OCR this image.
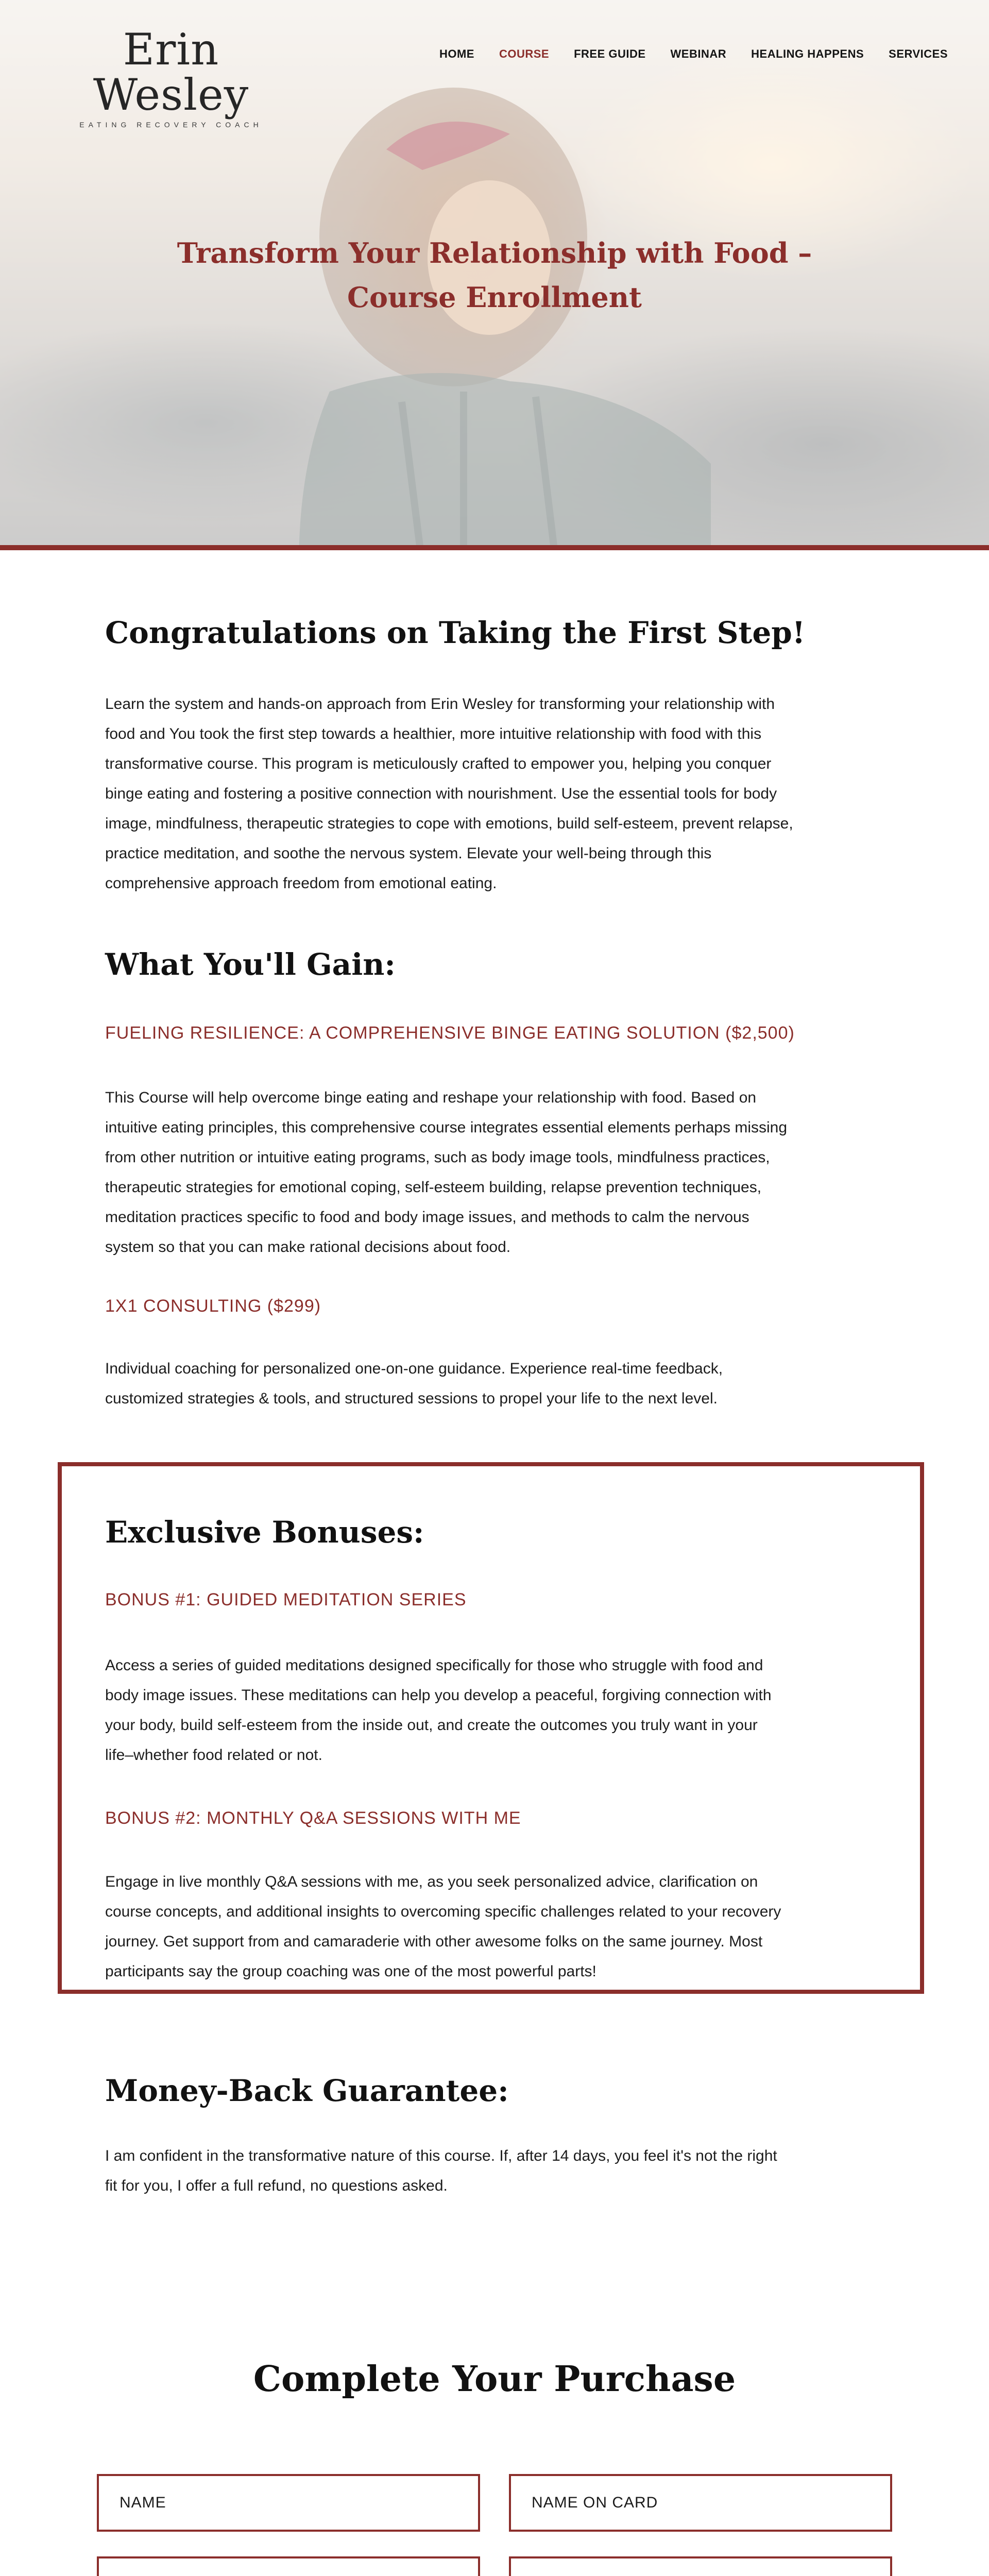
Erin Wesley
EATING RECOVERY COACH
HOME COURSE FREE GUIDE WEBINAR HEALING HAPPENS SERVICES
Transform Your Relationship with Food –
Course Enrollment
Congratulations on Taking the First Step!

Learn the system and hands-on approach from Erin Wesley for transforming your relationship with

food and You took the first step towards a healthier, more intuitive relationship with food with this

transformative course. This program is meticulously crafted to empower you, helping you conquer

binge eating and fostering a positive connection with nourishment. Use the essential tools for body

image, mindfulness, therapeutic strategies to cope with emotions, build self-esteem, prevent relapse,

practice meditation, and soothe the nervous system. Elevate your well-being through this

comprehensive approach freedom from emotional eating.

What You'll Gain:

FUELING RESILIENCE: A COMPREHENSIVE BINGE EATING SOLUTION ($2,500)

This Course will help overcome binge eating and reshape your relationship with food. Based on

intuitive eating principles, this comprehensive course integrates essential elements perhaps missing

from other nutrition or intuitive eating programs, such as body image tools, mindfulness practices,

therapeutic strategies for emotional coping, self-esteem building, relapse prevention techniques,

meditation practices specific to food and body image issues, and methods to calm the nervous

system so that you can make rational decisions about food.

1X1 CONSULTING ($299)

Individual coaching for personalized one-on-one guidance. Experience real-time feedback,

customized strategies & tools, and structured sessions to propel your life to the next level.

Exclusive Bonuses:

BONUS #1: GUIDED MEDITATION SERIES

Access a series of guided meditations designed specifically for those who struggle with food and

body image issues. These meditations can help you develop a peaceful, forgiving connection with

your body, build self-esteem from the inside out, and create the outcomes you truly want in your

life–whether food related or not.

BONUS #2: MONTHLY Q&A SESSIONS WITH ME

Engage in live monthly Q&A sessions with me, as you seek personalized advice, clarification on

course concepts, and additional insights to overcoming specific challenges related to your recovery

journey. Get support from and camaraderie with other awesome folks on the same journey. Most

participants say the group coaching was one of the most powerful parts!

Money-Back Guarantee:

I am confident in the transformative nature of this course. If, after 14 days, you feel it's not the right

fit for you, I offer a full refund, no questions asked.

Complete Your Purchase
NAME
NAME ON CARD
EMAIL
CARD NUMBER
